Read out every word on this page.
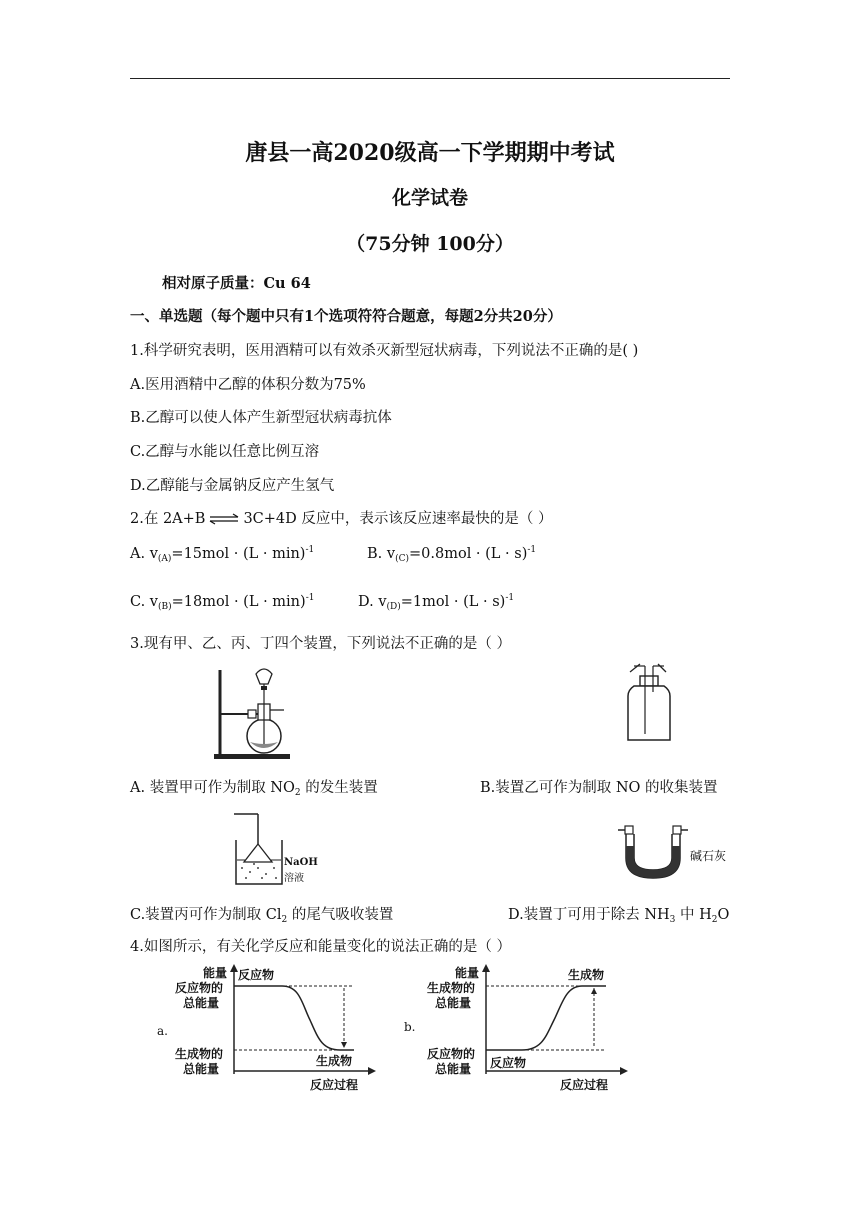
唐县一高2020级高一下学期期中考试
化学试卷
（75分钟 100分）
相对原子质量：Cu 64
一、单选题（每个题中只有1个选项符符合题意，每题2分共20分）
1.科学研究表明，医用酒精可以有效杀灭新型冠状病毒，下列说法不正确的是( )
A.医用酒精中乙醇的体积分数为75%
B.乙醇可以使人体产生新型冠状病毒抗体
C.乙醇与水能以任意比例互溶
D.乙醇能与金属钠反应产生氢气
2.在 2A+B ⇌ 3C+4D 反应中，表示该反应速率最快的是（ ）
A. $v_{(A)}=15mol \cdot (L \cdot \min)^{-1}$	B. $v_{(C)}=0.8mol \cdot (L \cdot s)^{-1}$
C. $v_{(B)}=18mol \cdot (L \cdot \min)^{-1}$	D. $v_{(D)}=1mol \cdot (L \cdot s)^{-1}$
3.现有甲、乙、丙、丁四个装置，下列说法不正确的是（ ）
A. 装置甲可作为制取 $NO_2$ 的发生装置	B.装置乙可作为制取 NO 的收集装置
NaOH
溶液
碱石灰
C.装置丙可作为制取 $Cl_2$ 的尾气吸收装置	D.装置丁可用于除去 $NH_3$ 中 $H_2O$
4.如图所示，有关化学反应和能量变化的说法正确的是（ ）
能量
反应物的
总能量
生成物的
总能量
a.
反应物
生成物
反应过程
能量
生成物的
总能量
反应物的
总能量
b.
生成物
反应物
反应过程
